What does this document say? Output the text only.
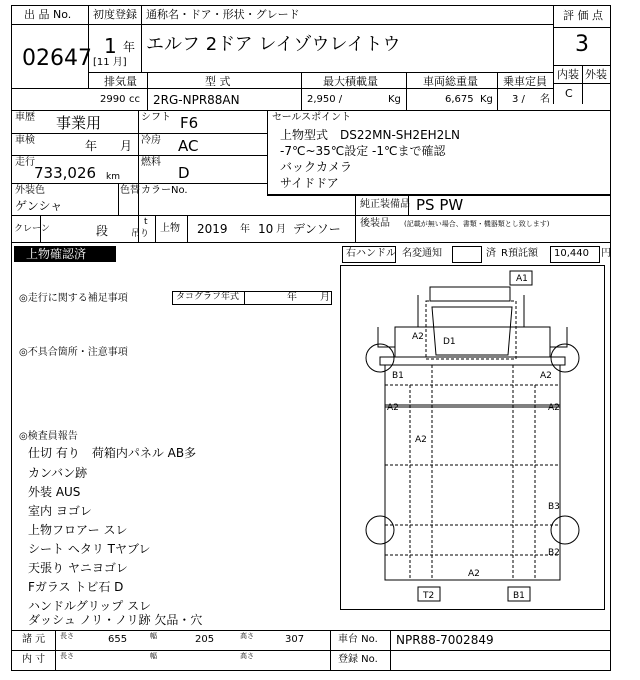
出 品 No.
02647
初度登録
1 年
[11 月]
通称名・ドア・形状・グレード
エルフ 2ドア レイゾウレイトウ
評 価 点
3
内装 外装
C
排気量	型 式	最大積載量	車両総重量 乗車定員
2990 cc 2RG-NPR88AN	2,950 /	Kg	6,675 Kg 3 / 名
車歴 事業用	シフト F6
車検	年 月 冷房 AC
走行
733,026 km
燃料
D
外装色
ゲンシャ
色替 カラーNo.
セールスポイント
上物型式　DS22MN-SH2EH2LN
-7℃~35℃設定 -1℃まで確認
バックカメラ
サイドドア
純正装備品 PS PW
後装品 (記載が無い場合、書類・機器類とし致します)
クレーン	段
t
吊り 上物 2019 年 10 月 デンソー
上物確認済	右ハンドル 名変通知	済 R預託額 10,440 円
◎走行に関する補足事項	タコグラフ年式	年 月
◎不具合箇所・注意事項
◎検査員報告
仕切 有り　荷箱内パネル AB多
カンバン跡
外装 AUS
室内 ヨゴレ
上物フロアー スレ
シート ヘタリ Tヤブレ
天張り ヤニヨゴレ
Fガラス トビ石 D
ハンドルグリップ スレ
ダッシュ ノリ・ノリ跡 欠品・穴
A1
A2 D1
B1	A2
A2	A2
A2
B3
B2
A2
T2	B1
諸 元 長さ	655	幅	205	高さ	307	車台 No. NPR88-7002849
内 寸 長さ	幅	高さ	登録 No.
